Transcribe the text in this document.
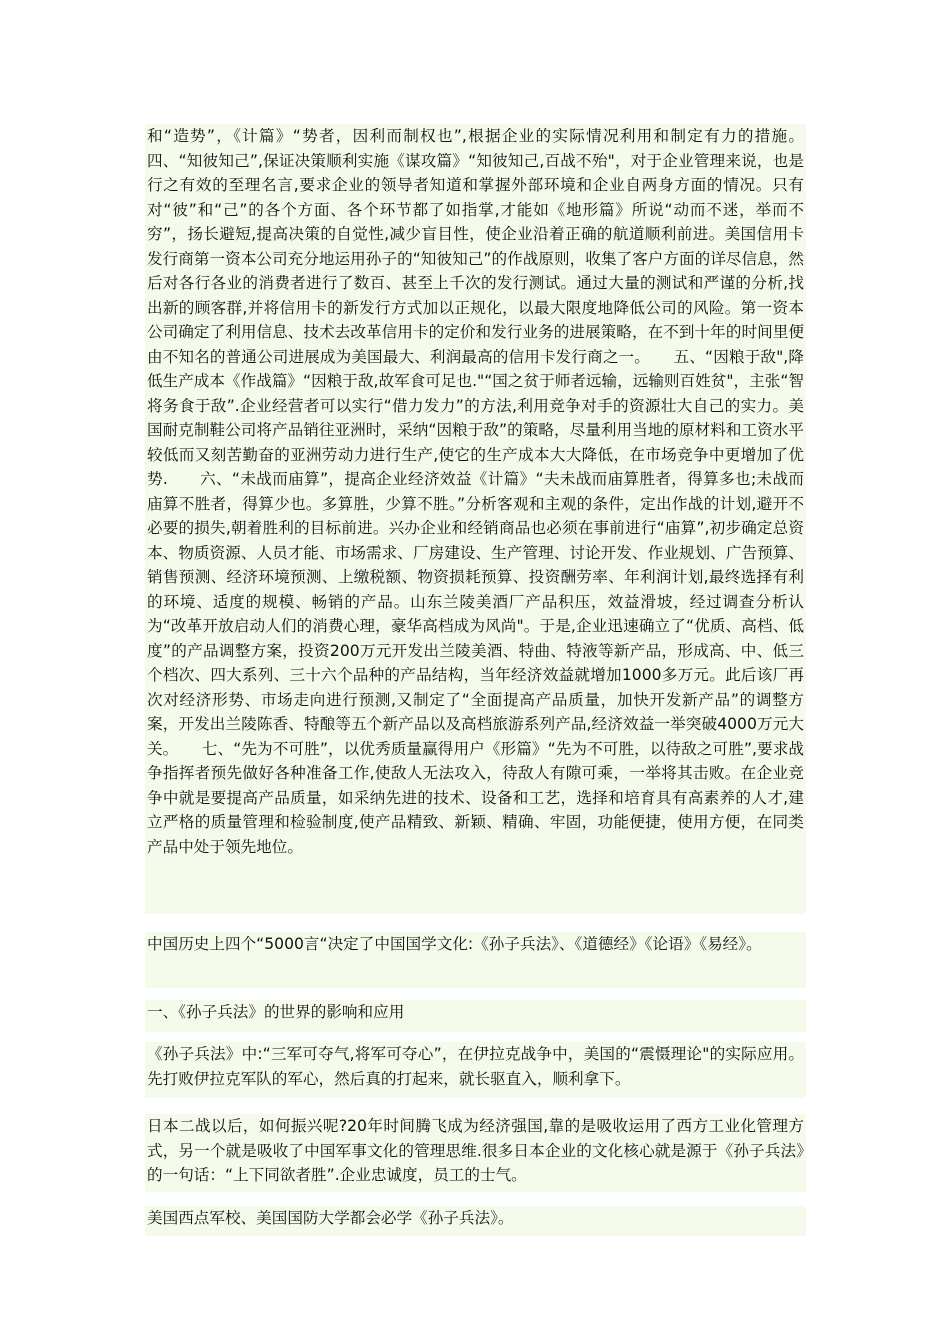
和“造势”，《计篇》“势者，因利而制权也”,根据企业的实际情况利用和制定有力的措施。四、“知彼知己”,保证决策顺利实施《谋攻篇》“知彼知己,百战不殆"，对于企业管理来说，也是行之有效的至理名言,要求企业的领导者知道和掌握外部环境和企业自两身方面的情况。只有对“彼”和“己”的各个方面、各个环节都了如指掌,才能如《地形篇》所说“动而不迷，举而不穷”，扬长避短,提高决策的自觉性,减少盲目性，使企业沿着正确的航道顺利前进。美国信用卡发行商第一资本公司充分地运用孙子的“知彼知己”的作战原则，收集了客户方面的详尽信息，然后对各行各业的消费者进行了数百、甚至上千次的发行测试。通过大量的测试和严谨的分析,找出新的顾客群,并将信用卡的新发行方式加以正规化，以最大限度地降低公司的风险。第一资本公司确定了利用信息、技术去改革信用卡的定价和发行业务的进展策略，在不到十年的时间里便由不知名的普通公司进展成为美国最大、利润最高的信用卡发行商之一。　　五、“因粮于敌",降低生产成本《作战篇》“因粮于敌,故军食可足也."“国之贫于师者远输，远输则百姓贫"，主张“智将务食于敌”.企业经营者可以实行“借力发力”的方法,利用竞争对手的资源壮大自己的实力。美国耐克制鞋公司将产品销往亚洲时，采纳“因粮于敌”的策略，尽量利用当地的原材料和工资水平较低而又刻苦勤奋的亚洲劳动力进行生产,使它的生产成本大大降低，在市场竞争中更增加了优势.　　六、“未战而庙算”，提高企业经济效益《计篇》“夫未战而庙算胜者，得算多也;未战而庙算不胜者，得算少也。多算胜，少算不胜。”分析客观和主观的条件，定出作战的计划,避开不必要的损失,朝着胜利的目标前进。兴办企业和经销商品也必须在事前进行“庙算”,初步确定总资本、物质资源、人员才能、市场需求、厂房建设、生产管理、讨论开发、作业规划、广告预算、销售预测、经济环境预测、上缴税额、物资损耗预算、投资酬劳率、年利润计划,最终选择有利的环境、适度的规模、畅销的产品。山东兰陵美酒厂产品积压，效益滑坡，经过调查分析认为“改革开放启动人们的消费心理，豪华高档成为风尚"。于是,企业迅速确立了“优质、高档、低度”的产品调整方案，投资200万元开发出兰陵美酒、特曲、特液等新产品，形成高、中、低三个档次、四大系列、三十六个品种的产品结构，当年经济效益就增加1000多万元。此后该厂再次对经济形势、市场走向进行预测,又制定了“全面提高产品质量，加快开发新产品”的调整方案，开发出兰陵陈香、特酿等五个新产品以及高档旅游系列产品,经济效益一举突破4000万元大关。　　七、“先为不可胜”，以优秀质量赢得用户《形篇》“先为不可胜，以待敌之可胜”,要求战争指挥者预先做好各种准备工作,使敌人无法攻入，待敌人有隙可乘，一举将其击败。在企业竞争中就是要提高产品质量，如采纳先进的技术、设备和工艺，选择和培育具有高素养的人才,建立严格的质量管理和检验制度,使产品精致、新颖、精确、牢固，功能便捷，使用方便，在同类产品中处于领先地位。

中国历史上四个“5000言“决定了中国国学文化:《孙子兵法》、《道德经》《论语》《易经》。

一、《孙子兵法》的世界的影响和应用

《孙子兵法》中:“三军可夺气,将军可夺心”，在伊拉克战争中，美国的“震慑理论"的实际应用。先打败伊拉克军队的军心，然后真的打起来，就长驱直入，顺利拿下。

日本二战以后，如何振兴呢?20年时间腾飞成为经济强国,靠的是吸收运用了西方工业化管理方式，另一个就是吸收了中国军事文化的管理思维.很多日本企业的文化核心就是源于《孙子兵法》的一句话：“上下同欲者胜”.企业忠诚度，员工的士气。

美国西点军校、美国国防大学都会必学《孙子兵法》。
